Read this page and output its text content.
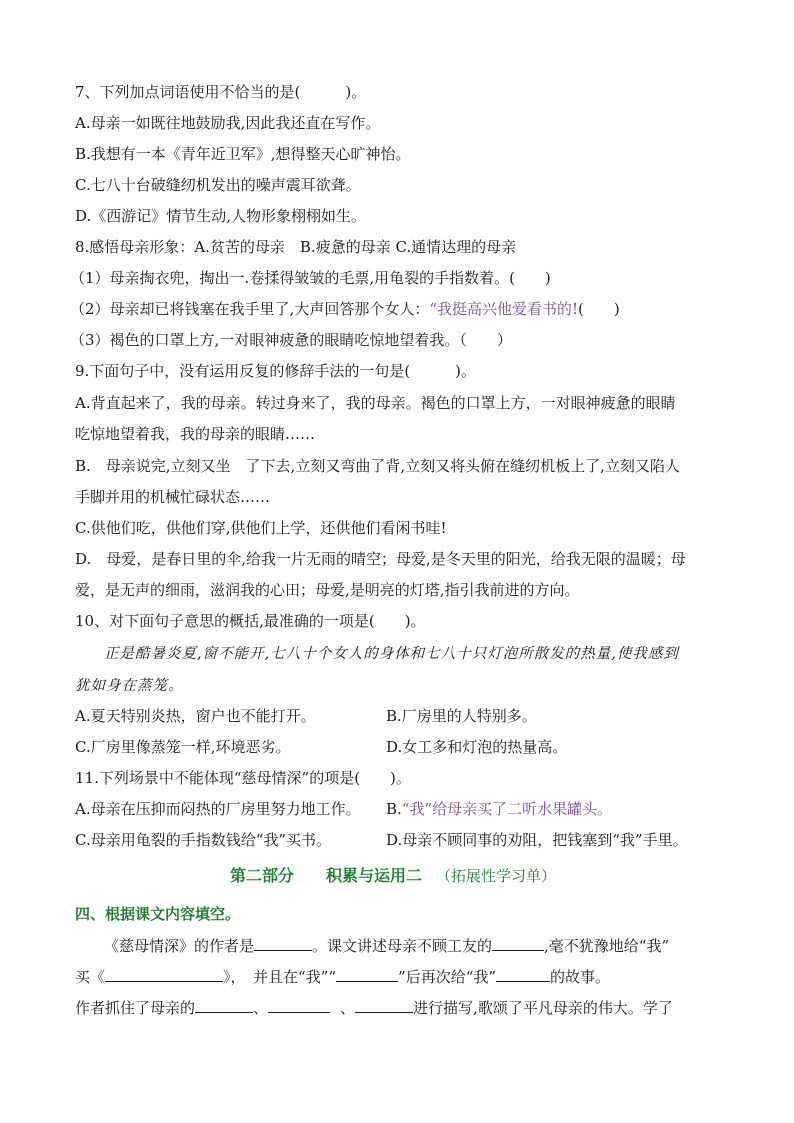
7、下列加点词语使用不恰当的是(　　　)。
A.母亲一如既往地鼓励我,因此我还直在写作。
B.我想有一本《青年近卫军》,想得整天心旷神怡。
C.七八十台破缝纫机发出的噪声震耳欲聋。
D.《西游记》情节生动,人物形象栩栩如生。
8.感悟母亲形象：A.贫苦的母亲　B.疲惫的母亲 C.通情达理的母亲
（1）母亲掏衣兜，掏出一.卷揉得皱皱的毛票,用龟裂的手指数着。(　　)
（2）母亲却已将钱塞在我手里了,大声回答那个女人：“我挺高兴他爱看书的!(　　)
（3）褐色的口罩上方,一对眼神疲惫的眼睛吃惊地望着我。（　　）
9.下面句子中，没有运用反复的修辞手法的一句是(　　　)。
A.背直起来了，我的母亲。转过身来了，我的母亲。褐色的口罩上方，一对眼神疲惫的眼睛
吃惊地望着我，我的母亲的眼睛……
B.　母亲说完,立刻又坐　了下去,立刻又弯曲了背,立刻又将头俯在缝纫机板上了,立刻又陷人
手脚并用的机械忙碌状态……
C.供他们吃，供他们穿,供他们上学，还供他们看闲书哇!
D.　母爱，是春日里的伞,给我一片无雨的晴空；母爱,是冬天里的阳光，给我无限的温暖；母
爱，是无声的细雨，滋润我的心田；母爱,是明亮的灯塔,指引我前进的方向。
10、对下面句子意思的概括,最准确的一项是(　　)。
正是酷暑炎夏,窗不能开,七八十个女人的身体和七八十只灯泡所散发的热量,使我感到
犹如身在蒸笼。
A.夏天特别炎热，窗户也不能打开。	B.厂房里的人特别多。
C.厂房里像蒸笼一样,环境恶劣。	D.女工多和灯泡的热量高。
11.下列场景中不能体现“慈母情深”的项是(　　)。
A.母亲在压抑而闷热的厂房里努力地工作。 B.“我”给母亲买了二听水果罐头。
C.母亲用龟裂的手指数钱给“我”买书。	D.母亲不顾同事的劝阻，把钱塞到“我”手里。
第二部分　　积累与运用二 （拓展性学习单）
四、根据课文内容填空。
《慈母情深》的作者是	。课文讲述母亲不顾工友的	,毫不犹豫地给“我”
买《	》，　并且在“我”“	”后再次给“我”	的故事。
作者抓住了母亲的	、	、	进行描写,歌颂了平凡母亲的伟大。学了
